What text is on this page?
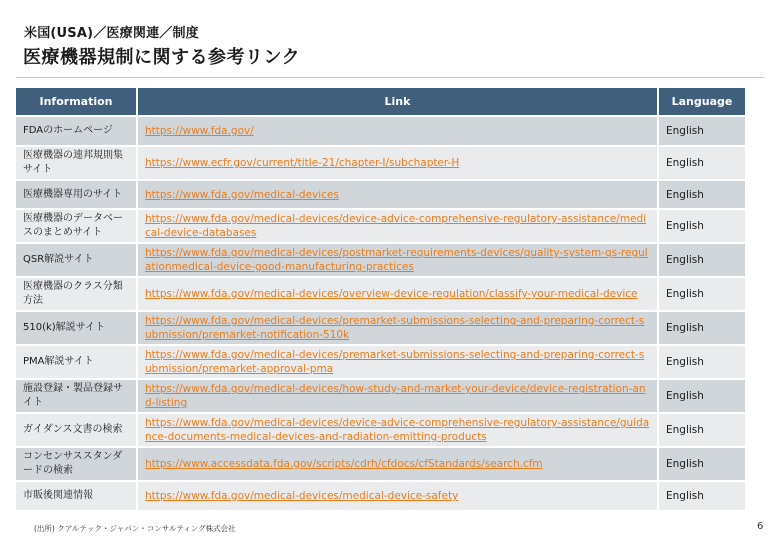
米国(USA)／医療関連／制度
医療機器規制に関する参考リンク
Information	Link	Language
FDAのホームページ	https://www.fda.gov/	English
医療機器の連邦規則集サイト	https://www.ecfr.gov/current/title-21/chapter-I/subchapter-H	English
医療機器専用のサイト	https://www.fda.gov/medical-devices	English
医療機器のデータベースのまとめサイト	https://www.fda.gov/medical-devices/device-advice-comprehensive-regulatory-assistance/medical-device-databases	English
QSR解説サイト	https://www.fda.gov/medical-devices/postmarket-requirements-devices/quality-system-qs-regulationmedical-device-good-manufacturing-practices	English
医療機器のクラス分類方法	https://www.fda.gov/medical-devices/overview-device-regulation/classify-your-medical-device	English
510(k)解説サイト	https://www.fda.gov/medical-devices/premarket-submissions-selecting-and-preparing-correct-submission/premarket-notification-510k	English
PMA解説サイト	https://www.fda.gov/medical-devices/premarket-submissions-selecting-and-preparing-correct-submission/premarket-approval-pma	English
施設登録・製品登録サイト	https://www.fda.gov/medical-devices/how-study-and-market-your-device/device-registration-and-listing	English
ガイダンス文書の検索	https://www.fda.gov/medical-devices/device-advice-comprehensive-regulatory-assistance/guidance-documents-medical-devices-and-radiation-emitting-products	English
コンセンサススタンダードの検索	https://www.accessdata.fda.gov/scripts/cdrh/cfdocs/cfStandards/search.cfm	English
市販後関連情報	https://www.fda.gov/medical-devices/medical-device-safety	English
(出所) クアルテック・ジャパン・コンサルティング株式会社	6
